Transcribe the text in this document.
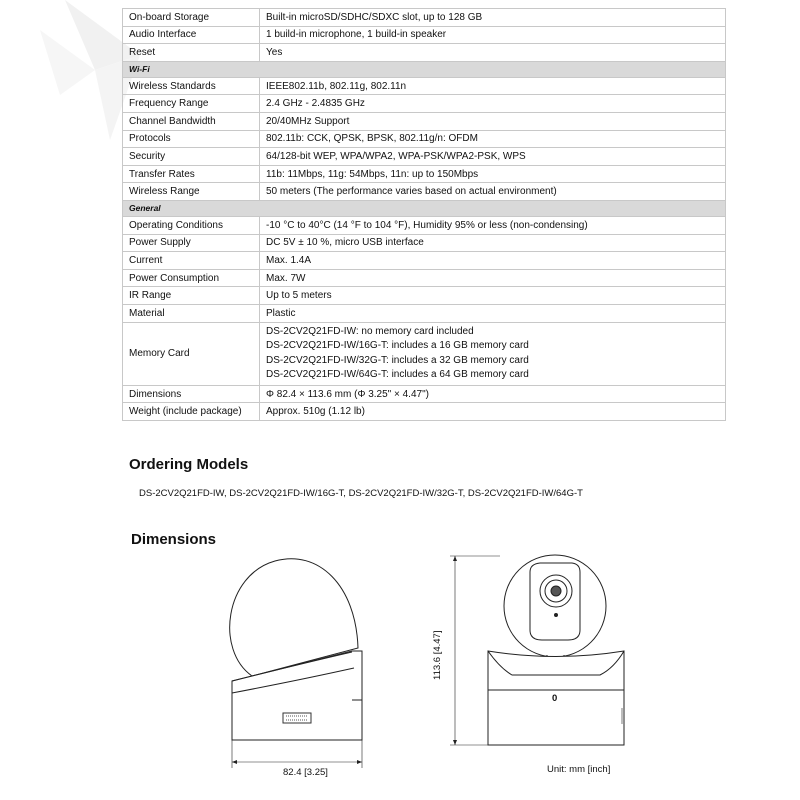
On-board Storage	Built-in microSD/SDHC/SDXC slot, up to 128 GB
Audio Interface	1 build-in microphone, 1 build-in speaker
Reset	Yes
Wi-Fi	
Wireless Standards	IEEE802.11b, 802.11g, 802.11n
Frequency Range	2.4 GHz - 2.4835 GHz
Channel Bandwidth	20/40MHz Support
Protocols	802.11b: CCK, QPSK, BPSK, 802.11g/n: OFDM
Security	64/128-bit WEP, WPA/WPA2, WPA-PSK/WPA2-PSK, WPS
Transfer Rates	11b: 11Mbps, 11g: 54Mbps, 11n: up to 150Mbps
Wireless Range	50 meters (The performance varies based on actual environment)
General	
Operating Conditions	-10 °C to 40°C (14 °F to 104 °F), Humidity 95% or less (non-condensing)
Power Supply	DC 5V ± 10 %, micro USB interface
Current	Max. 1.4A
Power Consumption	Max. 7W
IR Range	Up to 5 meters
Material	Plastic
Memory Card	DS-2CV2Q21FD-IW: no memory card included
DS-2CV2Q21FD-IW/16G-T: includes a 16 GB memory card
DS-2CV2Q21FD-IW/32G-T: includes a 32 GB memory card
DS-2CV2Q21FD-IW/64G-T: includes a 64 GB memory card

Dimensions	Φ 82.4 × 113.6 mm (Φ 3.25" × 4.47")
Weight (include package)	Approx. 510g (1.12 lb)
Ordering Models
DS-2CV2Q21FD-IW, DS-2CV2Q21FD-IW/16G-T, DS-2CV2Q21FD-IW/32G-T, DS-2CV2Q21FD-IW/64G-T
Dimensions
82.4 [3.25]
113.6 [4.47]
0
Unit: mm [inch]
